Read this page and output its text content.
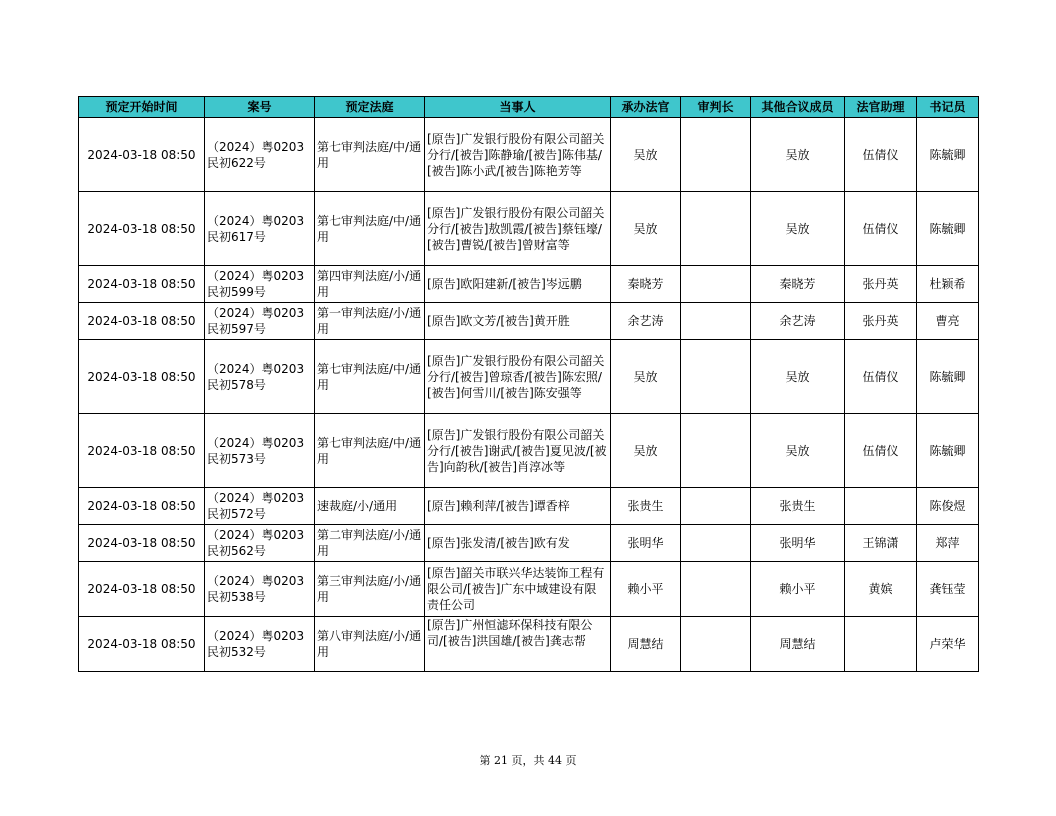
预定开始时间	案号	预定法庭	当事人	承办法官	审判长	其他合议成员	法官助理	书记员
2024-03-18 08:50	（2024）粤0203民初622号	第七审判法庭/中/通用	[原告]广发银行股份有限公司韶关分行/[被告]陈静瑜/[被告]陈伟基/[被告]陈小武/[被告]陈艳芳等	吴放		吴放	伍倩仪	陈毓卿
2024-03-18 08:50	（2024）粤0203民初617号	第七审判法庭/中/通用	[原告]广发银行股份有限公司韶关分行/[被告]敖凯霞/[被告]蔡钰壕/[被告]曹锐/[被告]曾财富等	吴放		吴放	伍倩仪	陈毓卿
2024-03-18 08:50	（2024）粤0203民初599号	第四审判法庭/小/通用	[原告]欧阳建新/[被告]岑远鹏	秦晓芳		秦晓芳	张丹英	杜颖希
2024-03-18 08:50	（2024）粤0203民初597号	第一审判法庭/小/通用	[原告]欧文芳/[被告]黄开胜	余艺涛		余艺涛	张丹英	曹亮
2024-03-18 08:50	（2024）粤0203民初578号	第七审判法庭/中/通用	[原告]广发银行股份有限公司韶关分行/[被告]曾琼香/[被告]陈宏照/[被告]何雪川/[被告]陈安强等	吴放		吴放	伍倩仪	陈毓卿
2024-03-18 08:50	（2024）粤0203民初573号	第七审判法庭/中/通用	[原告]广发银行股份有限公司韶关分行/[被告]谢武/[被告]夏见波/[被告]向韵秋/[被告]肖淳冰等	吴放		吴放	伍倩仪	陈毓卿
2024-03-18 08:50	（2024）粤0203民初572号	速裁庭/小/通用	[原告]赖利萍/[被告]谭香梓	张贵生		张贵生		陈俊煜
2024-03-18 08:50	（2024）粤0203民初562号	第二审判法庭/小/通用	[原告]张发清/[被告]欧有发	张明华		张明华	王锦潇	郑萍
2024-03-18 08:50	（2024）粤0203民初538号	第三审判法庭/小/通用	[原告]韶关市联兴华达装饰工程有限公司/[被告]广东中域建设有限责任公司	赖小平		赖小平	黄嫔	龚钰莹
2024-03-18 08:50	（2024）粤0203民初532号	第八审判法庭/小/通用	[原告]广州恒滤环保科技有限公司/[被告]洪国雄/[被告]龚志帮	周慧结		周慧结		卢荣华
第 21 页，共 44 页
